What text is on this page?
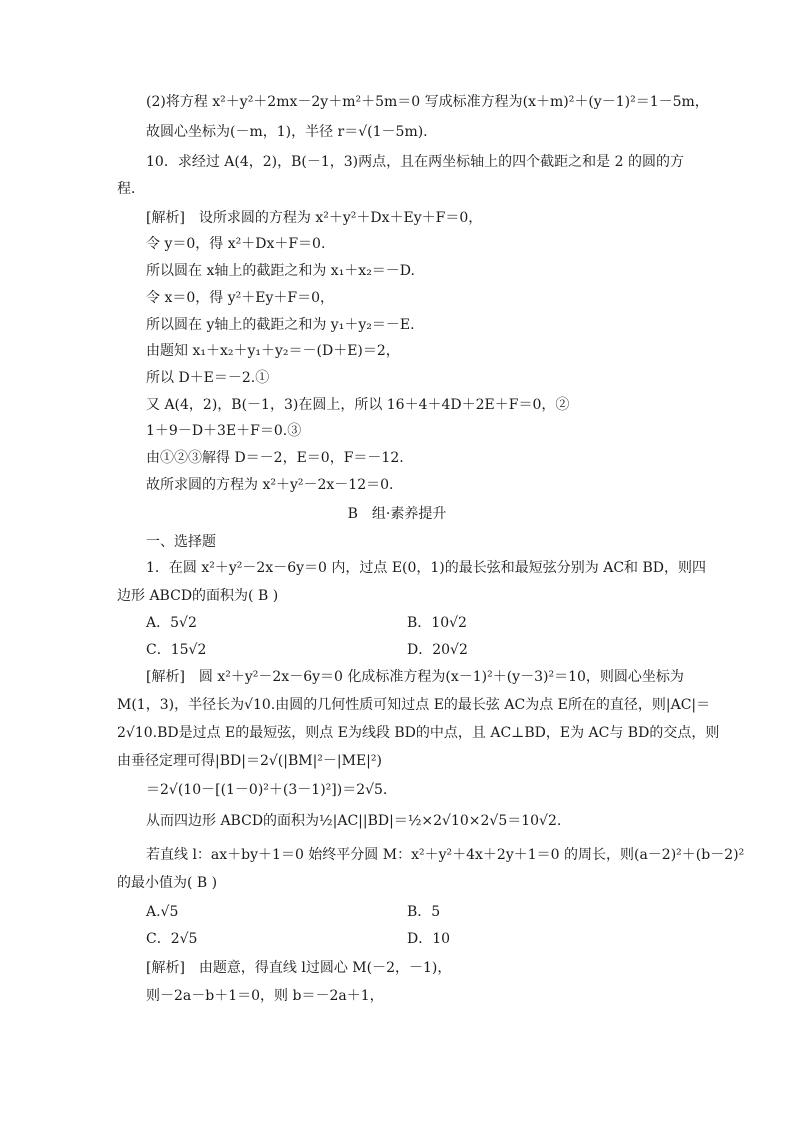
(2)将方程 x²＋y²＋2mx－2y＋m²＋5m＝0 写成标准方程为(x＋m)²＋(y－1)²＝1－5m，
故圆心坐标为(－m，1)，半径 r＝√(1－5m).
10．求经过 A(4，2)，B(－1，3)两点，且在两坐标轴上的四个截距之和是 2 的圆的方
程．
[解析]　设所求圆的方程为 x²＋y²＋Dx＋Ey＋F＝0，
令 y＝0，得 x²＋Dx＋F＝0.
所以圆在 x轴上的截距之和为 x₁＋x₂＝－D.
令 x＝0，得 y²＋Ey＋F＝0，
所以圆在 y轴上的截距之和为 y₁＋y₂＝－E.
由题知 x₁＋x₂＋y₁＋y₂＝－(D＋E)＝2，
所以 D＋E＝－2.①
又 A(4，2)，B(－1，3)在圆上，所以 16＋4＋4D＋2E＋F＝0，②
1＋9－D＋3E＋F＝0.③
由①②③解得 D＝－2，E＝0，F＝－12.
故所求圆的方程为 x²＋y²－2x－12＝0.
B　组·素养提升
一、选择题
1．在圆 x²＋y²－2x－6y＝0 内，过点 E(0，1)的最长弦和最短弦分别为 AC和 BD，则四
边形 ABCD的面积为( B )
A．5√2	B．10√2
C．15√2	D．20√2
[解析]　圆 x²＋y²－2x－6y＝0 化成标准方程为(x－1)²＋(y－3)²＝10，则圆心坐标为
M(1，3)，半径长为√10.由圆的几何性质可知过点 E的最长弦 AC为点 E所在的直径，则|AC|＝
2√10.BD是过点 E的最短弦，则点 E为线段 BD的中点，且 AC⊥BD，E为 AC与 BD的交点，则
由垂径定理可得|BD|＝2√(|BM|²－|ME|²)
＝2√(10－[(1－0)²＋(3－1)²])＝2√5.
从而四边形 ABCD的面积为½|AC||BD|＝½×2√10×2√5＝10√2.
若直线 l：ax＋by＋1＝0 始终平分圆 M：x²＋y²＋4x＋2y＋1＝0 的周长，则(a－2)²＋(b－2)²
的最小值为( B )
A.√5	B．5
C．2√5	D．10
[解析]　由题意，得直线 l过圆心 M(－2，－1)，
则－2a－b＋1＝0，则 b＝－2a＋1，
